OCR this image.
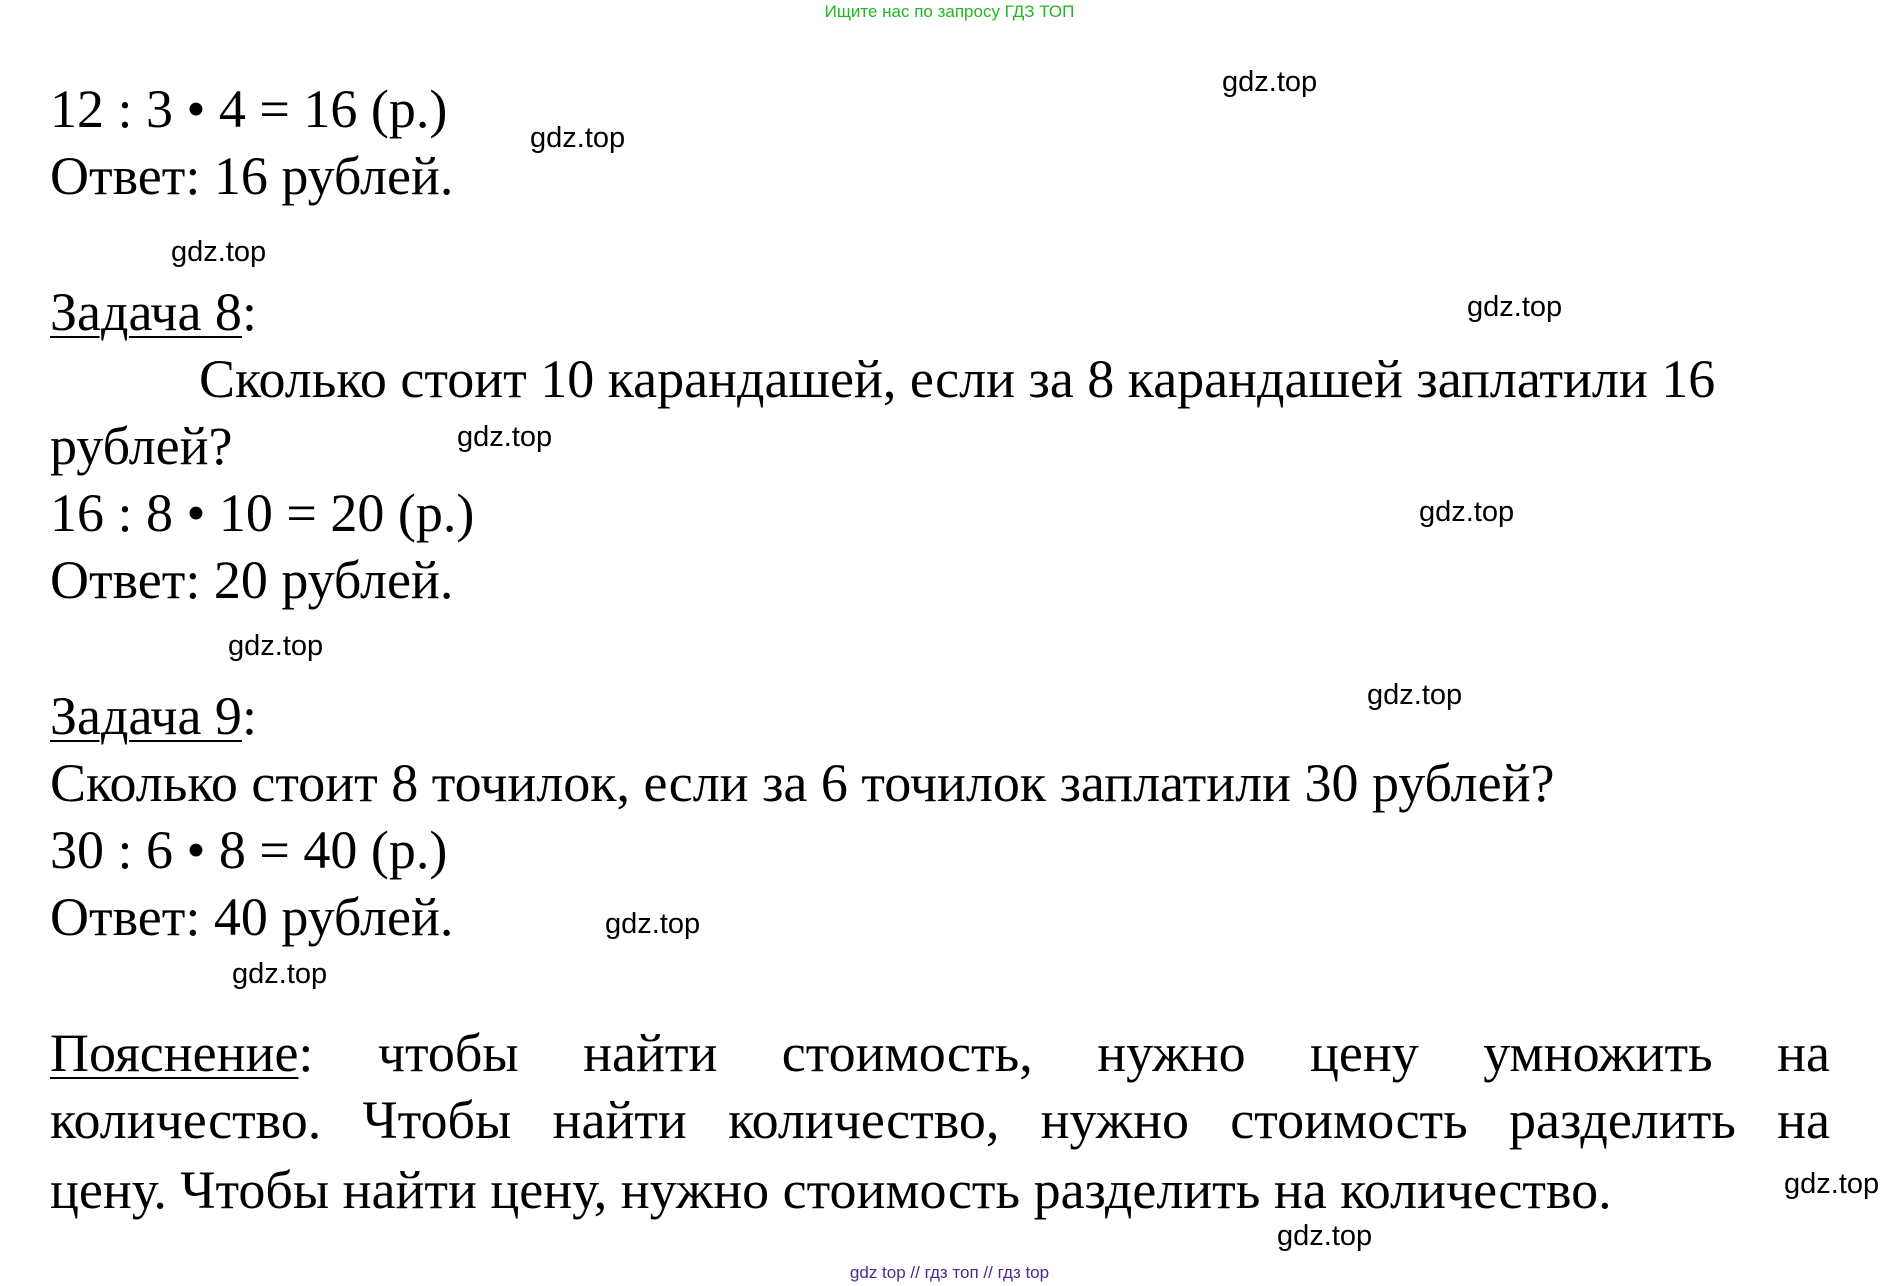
Ищите нас по запросу ГДЗ ТОП
12 : 3 • 4 = 16 (р.)
Ответ: 16 рублей.
Задача 8:
Сколько стоит 10 карандашей, если за 8 карандашей заплатили 16
рублей?
16 : 8 • 10 = 20 (р.)
Ответ: 20 рублей.
Задача 9:
Сколько стоит 8 точилок, если за 6 точилок заплатили 30 рублей?
30 : 6 • 8 = 40 (р.)
Ответ: 40 рублей.
Пояснение: чтобы найти стоимость, нужно цену умножить на
количество. Чтобы найти количество, нужно стоимость разделить на
цену. Чтобы найти цену, нужно стоимость разделить на количество.
gdz.top
gdz.top
gdz.top
gdz.top
gdz.top
gdz.top
gdz.top
gdz.top
gdz.top
gdz.top
gdz.top
gdz.top
gdz top // гдз топ // гдз top
